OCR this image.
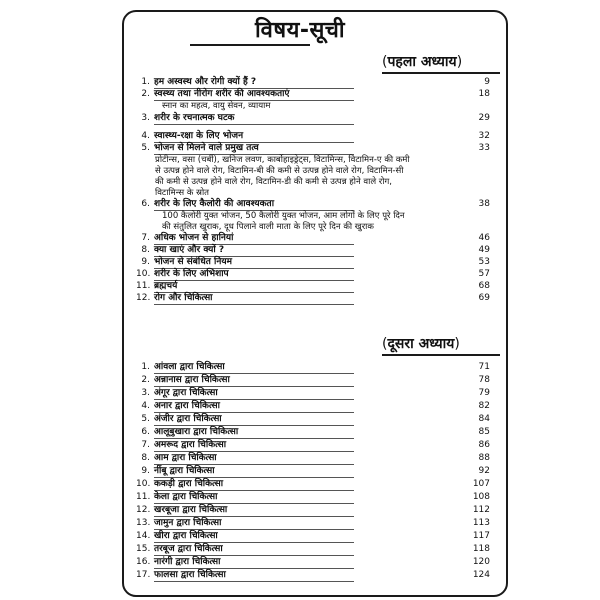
विषय-सूची
(पहला अध्याय)
(दूसरा अध्याय)
1. हम अस्वस्थ और रोगी क्यों हैं ?	9
2. स्वस्थ्य तथा नीरोग शरीर की आवश्यकताएं	18
स्नान का महत्व, वायु सेवन, व्यायाम
3. शरीर के रचनात्मक घटक	29
4. स्वास्थ्य-रक्षा के लिए भोजन	32
5. भोजन से मिलने वाले प्रमुख तत्व	33
प्रोटीन्स, वसा (चर्बी), खनिज लवण, कार्बोहाइड्रेट्स, विटामिन्स, विटामिन-ए की कमी
से उत्पन्न होने वाले रोग, विटामिन-बी की कमी से उत्पन्न होने वाले रोग, विटामिन-सी
की कमी से उत्पन्न होने वाले रोग, विटामिन-डी की कमी से उत्पन्न होने वाले रोग,
विटामिन्स के स्रोत
6. शरीर के लिए कैलोरी की आवश्यकता	38
100 कैलोरी युक्त भोजन, 50 कैलोरी युक्त भोजन, आम लोगों के लिए पूरे दिन
की संतुलित खुराक, दूध पिलाने वाली माता के लिए पूरे दिन की खुराक
7. अधिक भोजन से हानियां	46
8. क्या खाएं और क्यों ?	49
9. भोजन से संबंधित नियम	53
10. शरीर के लिए अभिशाप	57
11. ब्रह्मचर्य	68
12. रोग और चिकित्सा	69
1. आंवला द्वारा चिकित्सा	71
2. अन्नानास द्वारा चिकित्सा	78
3. अंगूर द्वारा चिकित्सा	79
4. अनार द्वारा चिकित्सा	82
5. अंजीर द्वारा चिकित्सा	84
6. आलूबुखारा द्वारा चिकित्सा	85
7. अमरूद द्वारा चिकित्सा	86
8. आम द्वारा चिकित्सा	88
9. नींबू द्वारा चिकित्सा	92
10. ककड़ी द्वारा चिकित्सा	107
11. केला द्वारा चिकित्सा	108
12. खरबूजा द्वारा चिकित्सा	112
13. जामुन द्वारा चिकित्सा	113
14. खीरा द्वारा चिकित्सा	117
15. तरबूज द्वारा चिकित्सा	118
16. नारंगी द्वारा चिकित्सा	120
17. फालसा द्वारा चिकित्सा	124
